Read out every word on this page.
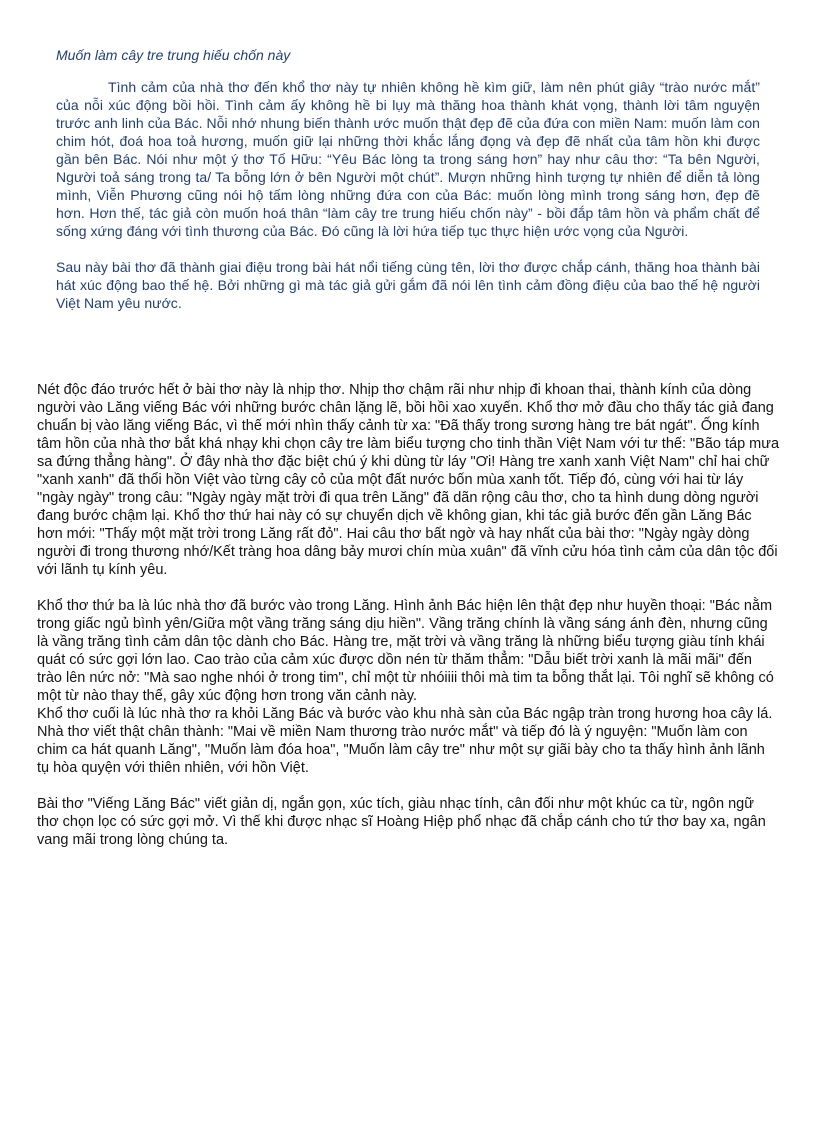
Muốn làm cây tre trung hiếu chốn này

Tình cảm của nhà thơ đến khổ thơ này tự nhiên không hề kìm giữ, làm nên phút giây “trào nước mắt” của nỗi xúc động bồi hồi. Tình cảm ấy không hề bi lụy mà thăng hoa thành khát vọng, thành lời tâm nguyện trước anh linh của Bác. Nỗi nhớ nhung biến thành ước muốn thật đẹp đẽ của đứa con miền Nam: muốn làm con chim hót, đoá hoa toả hương, muốn giữ lại những thời khắc lắng đọng và đẹp đẽ nhất của tâm hồn khi được gần bên Bác. Nói như một ý thơ Tố Hữu: “Yêu Bác lòng ta trong sáng hơn” hay như câu thơ: “Ta bên Người, Người toả sáng trong ta/ Ta bỗng lớn ở bên Người một chút”. Mượn những hình tượng tự nhiên để diễn tả lòng mình, Viễn Phương cũng nói hộ tấm lòng những đứa con của Bác: muốn lòng mình trong sáng hơn, đẹp đẽ hơn. Hơn thế, tác giả còn muốn hoá thân “làm cây tre trung hiếu chốn này” - bồi đắp tâm hồn và phẩm chất để sống xứng đáng với tình thương của Bác. Đó cũng là lời hứa tiếp tục thực hiện ước vọng của Người.

Sau này bài thơ đã thành giai điệu trong bài hát nổi tiếng cùng tên, lời thơ được chắp cánh, thăng hoa thành bài hát xúc động bao thế hệ. Bởi những gì mà tác giả gửi gắm đã nói lên tình cảm đồng điệu của bao thế hệ người Việt Nam yêu nước.

Nét độc đáo trước hết ở bài thơ này là nhịp thơ. Nhịp thơ chậm rãi như nhịp đi khoan thai, thành kính của dòng người vào Lăng viếng Bác với những bước chân lặng lẽ, bồi hồi xao xuyến. Khổ thơ mở đầu cho thấy tác giả đang chuẩn bị vào lăng viếng Bác, vì thế mới nhìn thấy cảnh từ xa: "Đã thấy trong sương hàng tre bát ngát". Ống kính tâm hồn của nhà thơ bắt khá nhạy khi chọn cây tre làm biểu tượng cho tinh thần Việt Nam với tư thế: "Bão táp mưa sa đứng thẳng hàng". Ở đây nhà thơ đặc biệt chú ý khi dùng từ láy "Ơi! Hàng tre xanh xanh Việt Nam" chỉ hai chữ "xanh xanh" đã thổi hồn Việt vào từng cây cỏ của một đất nước bốn mùa xanh tốt. Tiếp đó, cùng với hai từ láy "ngày ngày" trong câu: "Ngày ngày mặt trời đi qua trên Lăng" đã dãn rộng câu thơ, cho ta hình dung dòng người đang bước chậm lại. Khổ thơ thứ hai này có sự chuyển dịch về không gian, khi tác giả bước đến gần Lăng Bác hơn mới: "Thấy một mặt trời trong Lăng rất đỏ". Hai câu thơ bất ngờ và hay nhất của bài thơ: "Ngày ngày dòng người đi trong thương nhớ/Kết tràng hoa dâng bảy mươi chín mùa xuân" đã vĩnh cửu hóa tình cảm của dân tộc đối với lãnh tụ kính yêu.

Khổ thơ thứ ba là lúc nhà thơ đã bước vào trong Lăng. Hình ảnh Bác hiện lên thật đẹp như huyền thoại: "Bác nằm trong giấc ngủ bình yên/Giữa một vầng trăng sáng dịu hiền". Vầng trăng chính là vầng sáng ánh đèn, nhưng cũng là vầng trăng tình cảm dân tộc dành cho Bác. Hàng tre, mặt trời và vầng trăng là những biểu tượng giàu tính khái quát có sức gợi lớn lao. Cao trào của cảm xúc được dồn nén từ thăm thẳm: "Dẫu biết trời xanh là mãi mãi" đến trào lên nức nở: "Mà sao nghe nhói ở trong tim", chỉ một từ nhóiiii thôi mà tim ta bỗng thắt lại. Tôi nghĩ sẽ không có một từ nào thay thế, gây xúc động hơn trong văn cảnh này.

Khổ thơ cuối là lúc nhà thơ ra khỏi Lăng Bác và bước vào khu nhà sàn của Bác ngập tràn trong hương hoa cây lá. Nhà thơ viết thật chân thành: "Mai về miền Nam thương trào nước mắt" và tiếp đó là ý nguyện: "Muốn làm con chim ca hát quanh Lăng", "Muốn làm đóa hoa", "Muốn làm cây tre" như một sự giãi bày cho ta thấy hình ảnh lãnh tụ hòa quyện với thiên nhiên, với hồn Việt.

Bài thơ "Viếng Lăng Bác" viết giản dị, ngắn gọn, xúc tích, giàu nhạc tính, cân đối như một khúc ca từ, ngôn ngữ thơ chọn lọc có sức gợi mở. Vì thế khi được nhạc sĩ Hoàng Hiệp phổ nhạc đã chắp cánh cho tứ thơ bay xa, ngân vang mãi trong lòng chúng ta.
